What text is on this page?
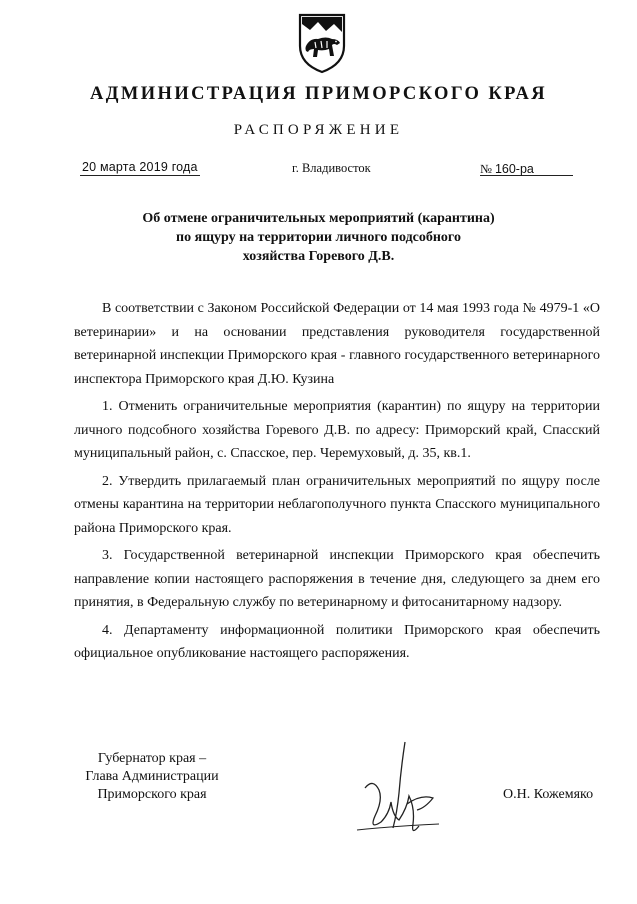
АДМИНИСТРАЦИЯ ПРИМОРСКОГО КРАЯ
РАСПОРЯЖЕНИЕ
20 марта 2019 года	г. Владивосток	№ 160-ра
Об отмене ограничительных мероприятий (карантина)
по ящуру на территории личного подсобного
хозяйства Горевого Д.В.

В соответствии с Законом Российской Федерации от 14 мая 1993 года № 4979-1 «О ветеринарии» и на основании представления руководителя государственной ветеринарной инспекции Приморского края - главного государственного ветеринарного инспектора Приморского края Д.Ю. Кузина

1. Отменить ограничительные мероприятия (карантин) по ящуру на территории личного подсобного хозяйства Горевого Д.В. по адресу: Приморский край, Спасский муниципальный район, с. Спасское, пер. Черемуховый, д. 35, кв.1.

2. Утвердить прилагаемый план ограничительных мероприятий по ящуру после отмены карантина на территории неблагополучного пункта Спасского муниципального района Приморского края.

3. Государственной ветеринарной инспекции Приморского края обеспечить направление копии настоящего распоряжения в течение дня, следующего за днем его принятия, в Федеральную службу по ветеринарному и фитосанитарному надзору.

4. Департаменту информационной политики Приморского края обеспечить официальное опубликование настоящего распоряжения.

Губернатор края –
Глава Администрации
Приморского края	О.Н. Кожемяко
